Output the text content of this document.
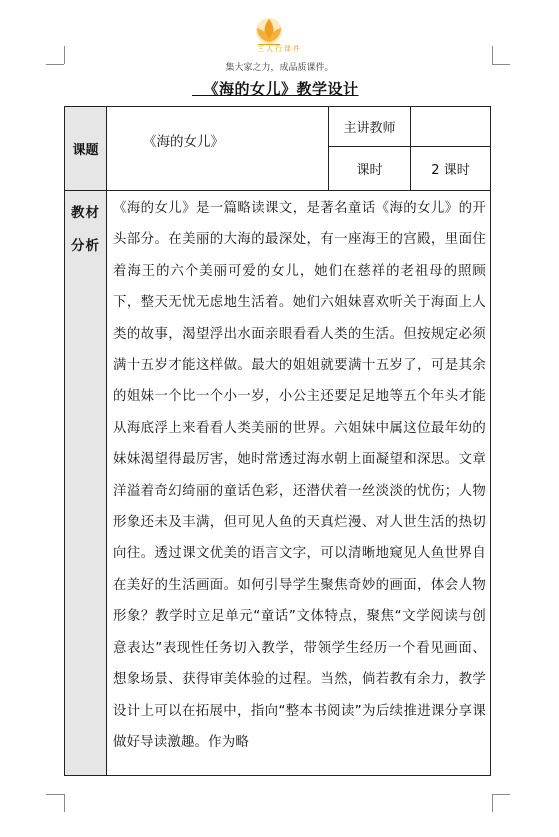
三人行课件
集大家之力，成品质课件。
《海的女儿》教学设计
课题	《海的女儿》	主讲教师	
		课时	2 课时

教材
分析	《海的女儿》是一篇略读课文，是著名童话《海的女儿》的开头部分。在美丽的大海的最深处，有一座海王的宫殿，里面住着海王的六个美丽可爱的女儿，她们在慈祥的老祖母的照顾下，整天无忧无虑地生活着。她们六姐妹喜欢听关于海面上人类的故事，渴望浮出水面亲眼看看人类的生活。但按规定必须满十五岁才能这样做。最大的姐姐就要满十五岁了，可是其余的姐妹一个比一个小一岁，小公主还要足足地等五个年头才能从海底浮上来看看人类美丽的世界。六姐妹中属这位最年幼的妹妹渴望得最厉害，她时常透过海水朝上面凝望和深思。文章洋溢着奇幻绮丽的童话色彩，还潜伏着一丝淡淡的忧伤；人物形象还未及丰满，但可见人鱼的天真烂漫、对人世生活的热切向往。透过课文优美的语言文字，可以清晰地窥见人鱼世界自在美好的生活画面。如何引导学生聚焦奇妙的画面，体会人物形象？教学时立足单元“童话”文体特点，聚焦“文学阅读与创意表达”表现性任务切入教学，带领学生经历一个看见画面、想象场景、获得审美体验的过程。当然，倘若教有余力，教学设计上可以在拓展中，指向“整本书阅读”为后续推进课分享课做好导读激趣。作为略		
